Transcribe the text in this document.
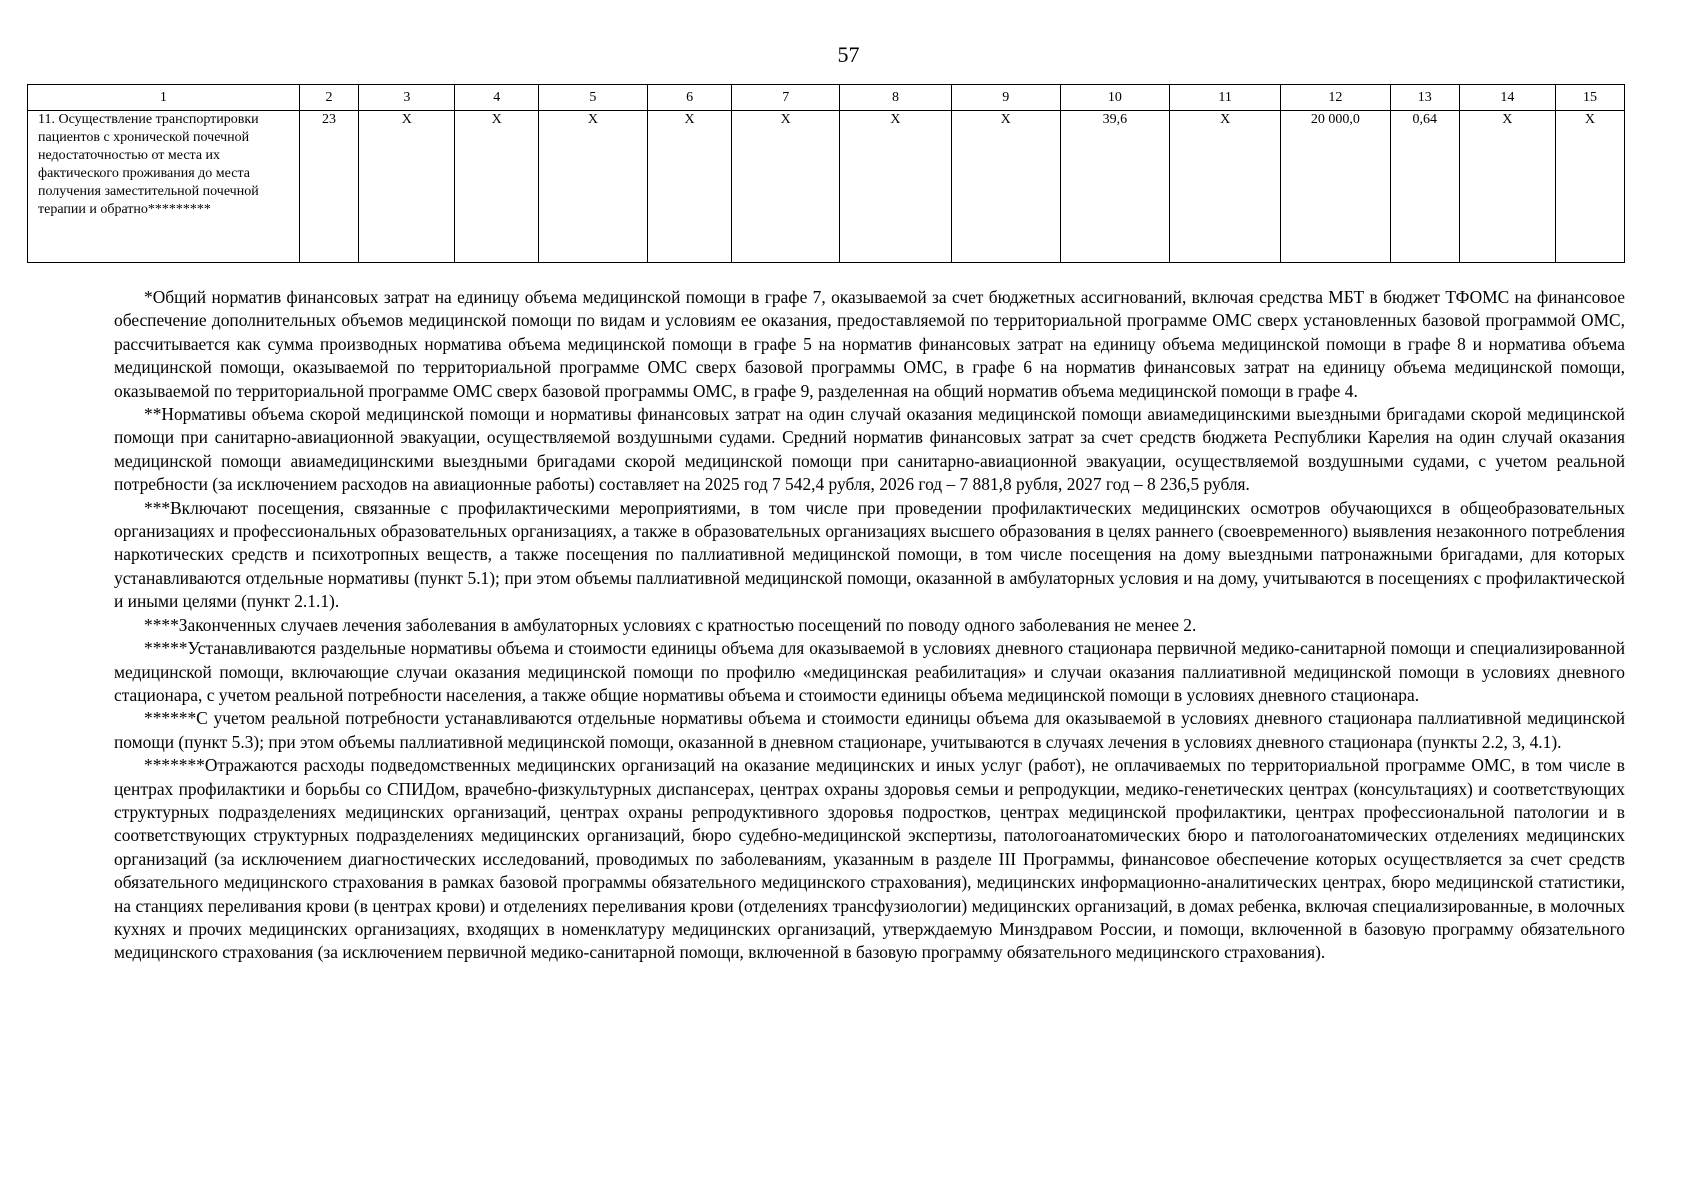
57
1	2	3	4	5	6	7	8	9	10	11	12	13	14	15
11. Осуществление транспортировки пациентов с хронической почечной недостаточностью от места их фактического проживания до места получения заместительной почечной терапии и обратно*********	23	Х	Х	Х	Х	Х	Х	Х	39,6	Х	20 000,0	0,64	Х	Х

*Общий норматив финансовых затрат на единицу объема медицинской помощи в графе 7, оказываемой за счет бюджетных ассигнований, включая средства МБТ в бюджет ТФОМС на финансовое обеспечение дополнительных объемов медицинской помощи по видам и условиям ее оказания, предоставляемой по территориальной программе ОМС сверх установленных базовой программой ОМС, рассчитывается как сумма производных норматива объема медицинской помощи в графе 5 на норматив финансовых затрат на единицу объема медицинской помощи в графе 8 и норматива объема медицинской помощи, оказываемой по территориальной программе ОМС сверх базовой программы ОМС, в графе 6 на норматив финансовых затрат на единицу объема медицинской помощи, оказываемой по территориальной программе ОМС сверх базовой программы ОМС, в графе 9, разделенная на общий норматив объема медицинской помощи в графе 4.

**Нормативы объема скорой медицинской помощи и нормативы финансовых затрат на один случай оказания медицинской помощи авиамедицинскими выездными бригадами скорой медицинской помощи при санитарно-авиационной эвакуации, осуществляемой воздушными судами. Средний норматив финансовых затрат за счет средств бюджета Республики Карелия на один случай оказания медицинской помощи авиамедицинскими выездными бригадами скорой медицинской помощи при санитарно-авиационной эвакуации, осуществляемой воздушными судами, с учетом реальной потребности (за исключением расходов на авиационные работы) составляет на 2025 год 7 542,4 рубля, 2026 год – 7 881,8 рубля, 2027 год – 8 236,5 рубля.

***Включают посещения, связанные с профилактическими мероприятиями, в том числе при проведении профилактических медицинских осмотров обучающихся в общеобразовательных организациях и профессиональных образовательных организациях, а также в образовательных организациях высшего образования в целях раннего (своевременного) выявления незаконного потребления наркотических средств и психотропных веществ, а также посещения по паллиативной медицинской помощи, в том числе посещения на дому выездными патронажными бригадами, для которых устанавливаются отдельные нормативы (пункт 5.1); при этом объемы паллиативной медицинской помощи, оказанной в амбулаторных условия и на дому, учитываются в посещениях с профилактической и иными целями (пункт 2.1.1).

****Законченных случаев лечения заболевания в амбулаторных условиях с кратностью посещений по поводу одного заболевания не менее 2.

*****Устанавливаются раздельные нормативы объема и стоимости единицы объема для оказываемой в условиях дневного стационара первичной медико-санитарной помощи и специализированной медицинской помощи, включающие случаи оказания медицинской помощи по профилю «медицинская реабилитация» и случаи оказания паллиативной медицинской помощи в условиях дневного стационара, с учетом реальной потребности населения, а также общие нормативы объема и стоимости единицы объема медицинской помощи в условиях дневного стационара.

******С учетом реальной потребности устанавливаются отдельные нормативы объема и стоимости единицы объема для оказываемой в условиях дневного стационара паллиативной медицинской помощи (пункт 5.3); при этом объемы паллиативной медицинской помощи, оказанной в дневном стационаре, учитываются в случаях лечения в условиях дневного стационара (пункты 2.2, 3, 4.1).

*******Отражаются расходы подведомственных медицинских организаций на оказание медицинских и иных услуг (работ), не оплачиваемых по территориальной программе ОМС, в том числе в центрах профилактики и борьбы со СПИДом, врачебно-физкультурных диспансерах, центрах охраны здоровья семьи и репродукции, медико-генетических центрах (консультациях) и соответствующих структурных подразделениях медицинских организаций, центрах охраны репродуктивного здоровья подростков, центрах медицинской профилактики, центрах профессиональной патологии и в соответствующих структурных подразделениях медицинских организаций, бюро судебно-медицинской экспертизы, патологоанатомических бюро и патологоанатомических отделениях медицинских организаций (за исключением диагностических исследований, проводимых по заболеваниям, указанным в разделе III Программы, финансовое обеспечение которых осуществляется за счет средств обязательного медицинского страхования в рамках базовой программы обязательного медицинского страхования), медицинских информационно-аналитических центрах, бюро медицинской статистики, на станциях переливания крови (в центрах крови) и отделениях переливания крови (отделениях трансфузиологии) медицинских организаций, в домах ребенка, включая специализированные, в молочных кухнях и прочих медицинских организациях, входящих в номенклатуру медицинских организаций, утверждаемую Минздравом России, и помощи, включенной в базовую программу обязательного медицинского страхования (за исключением первичной медико-санитарной помощи, включенной в базовую программу обязательного медицинского страхования).
